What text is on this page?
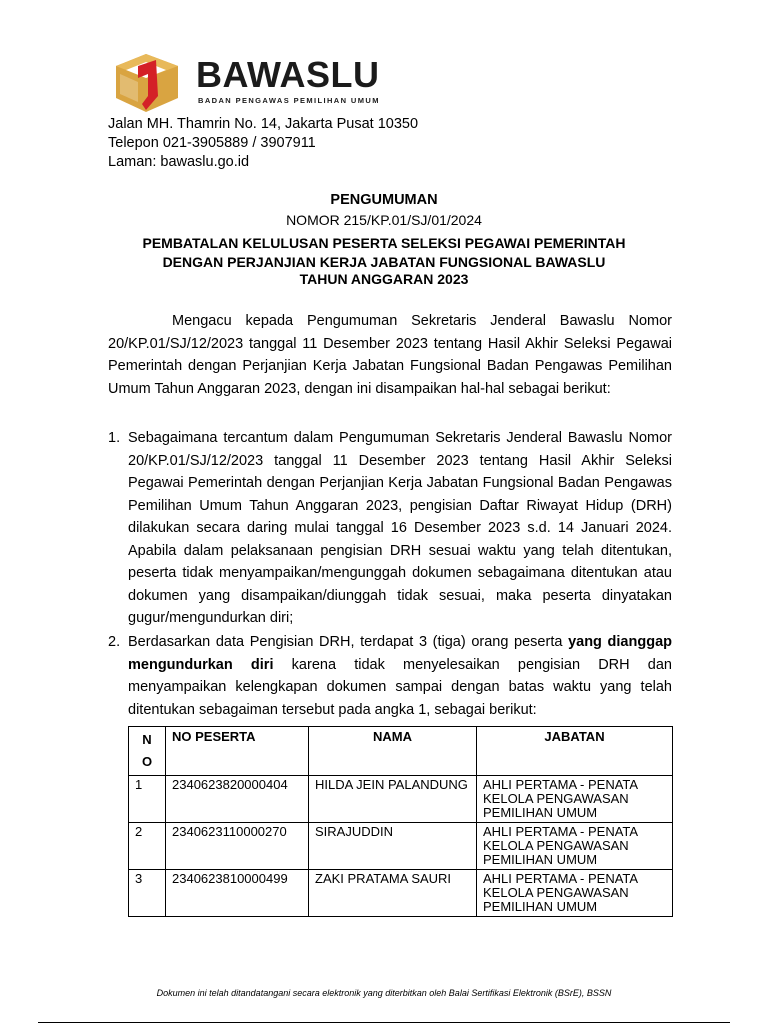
BAWASLU
BADAN PENGAWAS PEMILIHAN UMUM
Jalan MH. Thamrin No. 14, Jakarta Pusat 10350
Telepon 021-3905889 / 3907911
Laman: bawaslu.go.id
PENGUMUMAN
NOMOR 215/KP.01/SJ/01/2024
PEMBATALAN KELULUSAN PESERTA SELEKSI PEGAWAI PEMERINTAH
DENGAN PERJANJIAN KERJA JABATAN FUNGSIONAL BAWASLU
TAHUN ANGGARAN 2023
Mengacu kepada Pengumuman Sekretaris Jenderal Bawaslu Nomor 20/KP.01/SJ/12/2023 tanggal 11 Desember 2023 tentang Hasil Akhir Seleksi Pegawai Pemerintah dengan Perjanjian Kerja Jabatan Fungsional Badan Pengawas Pemilihan Umum Tahun Anggaran 2023, dengan ini disampaikan hal-hal sebagai berikut:
1. Sebagaimana tercantum dalam Pengumuman Sekretaris Jenderal Bawaslu Nomor 20/KP.01/SJ/12/2023 tanggal 11 Desember 2023 tentang Hasil Akhir Seleksi Pegawai Pemerintah dengan Perjanjian Kerja Jabatan Fungsional Badan Pengawas Pemilihan Umum Tahun Anggaran 2023, pengisian Daftar Riwayat Hidup (DRH) dilakukan secara daring mulai tanggal 16 Desember 2023 s.d. 14 Januari 2024. Apabila dalam pelaksanaan pengisian DRH sesuai waktu yang telah ditentukan, peserta tidak menyampaikan/mengunggah dokumen sebagaimana ditentukan atau dokumen yang disampaikan/diunggah tidak sesuai, maka peserta dinyatakan gugur/mengundurkan diri;
2. Berdasarkan data Pengisian DRH, terdapat 3 (tiga) orang peserta yang dianggap mengundurkan diri karena tidak menyelesaikan pengisian DRH dan menyampaikan kelengkapan dokumen sampai dengan batas waktu yang telah ditentukan sebagaiman tersebut pada angka 1, sebagai berikut:
N
O	NO PESERTA	NAMA	JABATAN
1	2340623820000404	HILDA JEIN PALANDUNG	AHLI PERTAMA - PENATA KELOLA PENGAWASAN PEMILIHAN UMUM
2	2340623110000270	SIRAJUDDIN	AHLI PERTAMA - PENATA KELOLA PENGAWASAN PEMILIHAN UMUM
3	2340623810000499	ZAKI PRATAMA SAURI	AHLI PERTAMA - PENATA KELOLA PENGAWASAN PEMILIHAN UMUM
Dokumen ini telah ditandatangani secara elektronik yang diterbitkan oleh Balai Sertifikasi Elektronik (BSrE), BSSN
